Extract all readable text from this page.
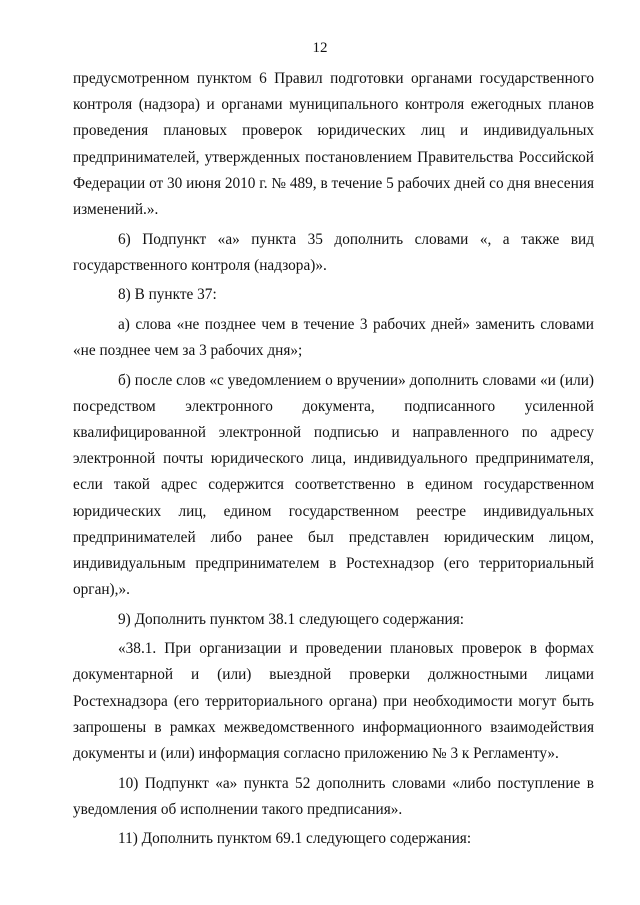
12
предусмотренном пунктом 6 Правил подготовки органами государственного
контроля (надзора) и органами муниципального контроля ежегодных планов
проведения плановых проверок юридических лиц и индивидуальных
предпринимателей, утвержденных постановлением Правительства Российской
Федерации от 30 июня 2010 г. № 489, в течение 5 рабочих дней со дня внесения
изменений.».
6) Подпункт «а» пункта 35 дополнить словами «, а также вид
государственного контроля (надзора)».
8) В пункте 37:
а) слова «не позднее чем в течение 3 рабочих дней» заменить словами
«не позднее чем за 3 рабочих дня»;
б) после слов «с уведомлением о вручении» дополнить словами «и (или)
посредством электронного документа, подписанного усиленной
квалифицированной электронной подписью и направленного по адресу
электронной почты юридического лица, индивидуального предпринимателя,
если такой адрес содержится соответственно в едином государственном
юридических лиц, едином государственном реестре индивидуальных
предпринимателей либо ранее был представлен юридическим лицом,
индивидуальным предпринимателем в Ростехнадзор (его территориальный
орган),».
9) Дополнить пунктом 38.1 следующего содержания:
«38.1. При организации и проведении плановых проверок в формах
документарной и (или) выездной проверки должностными лицами
Ростехнадзора (его территориального органа) при необходимости могут быть
запрошены в рамках межведомственного информационного взаимодействия
документы и (или) информация согласно приложению № 3 к Регламенту».
10) Подпункт «а» пункта 52 дополнить словами «либо поступление в
уведомления об исполнении такого предписания».
11) Дополнить пунктом 69.1 следующего содержания:
